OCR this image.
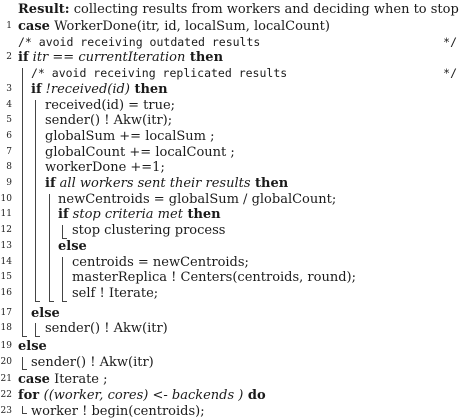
Result: collecting results from workers and deciding when to stop
1 case WorkerDone(itr, id, localSum, localCount)
/* avoid receiving outdated results	*/
2 if itr == currentIteration then
/* avoid receiving replicated results	*/
3 if !received(id) then
4	received(id) = true;
5	sender() ! Akw(itr);
6	globalSum += localSum ;
7	globalCount += localCount ;
8	workerDone +=1;
9	if all workers sent their results then
10	newCentroids = globalSum / globalCount;
11	if stop criteria met then
12	stop clustering process
13	else
14	centroids = newCentroids;
15	masterReplica ! Centers(centroids, round);
16	self ! Iterate;
17 else
18	sender() ! Akw(itr)
19 else
20 sender() ! Akw(itr)
21 case Iterate ;
22 for ((worker, cores) <- backends ) do
23 worker ! begin(centroids);
